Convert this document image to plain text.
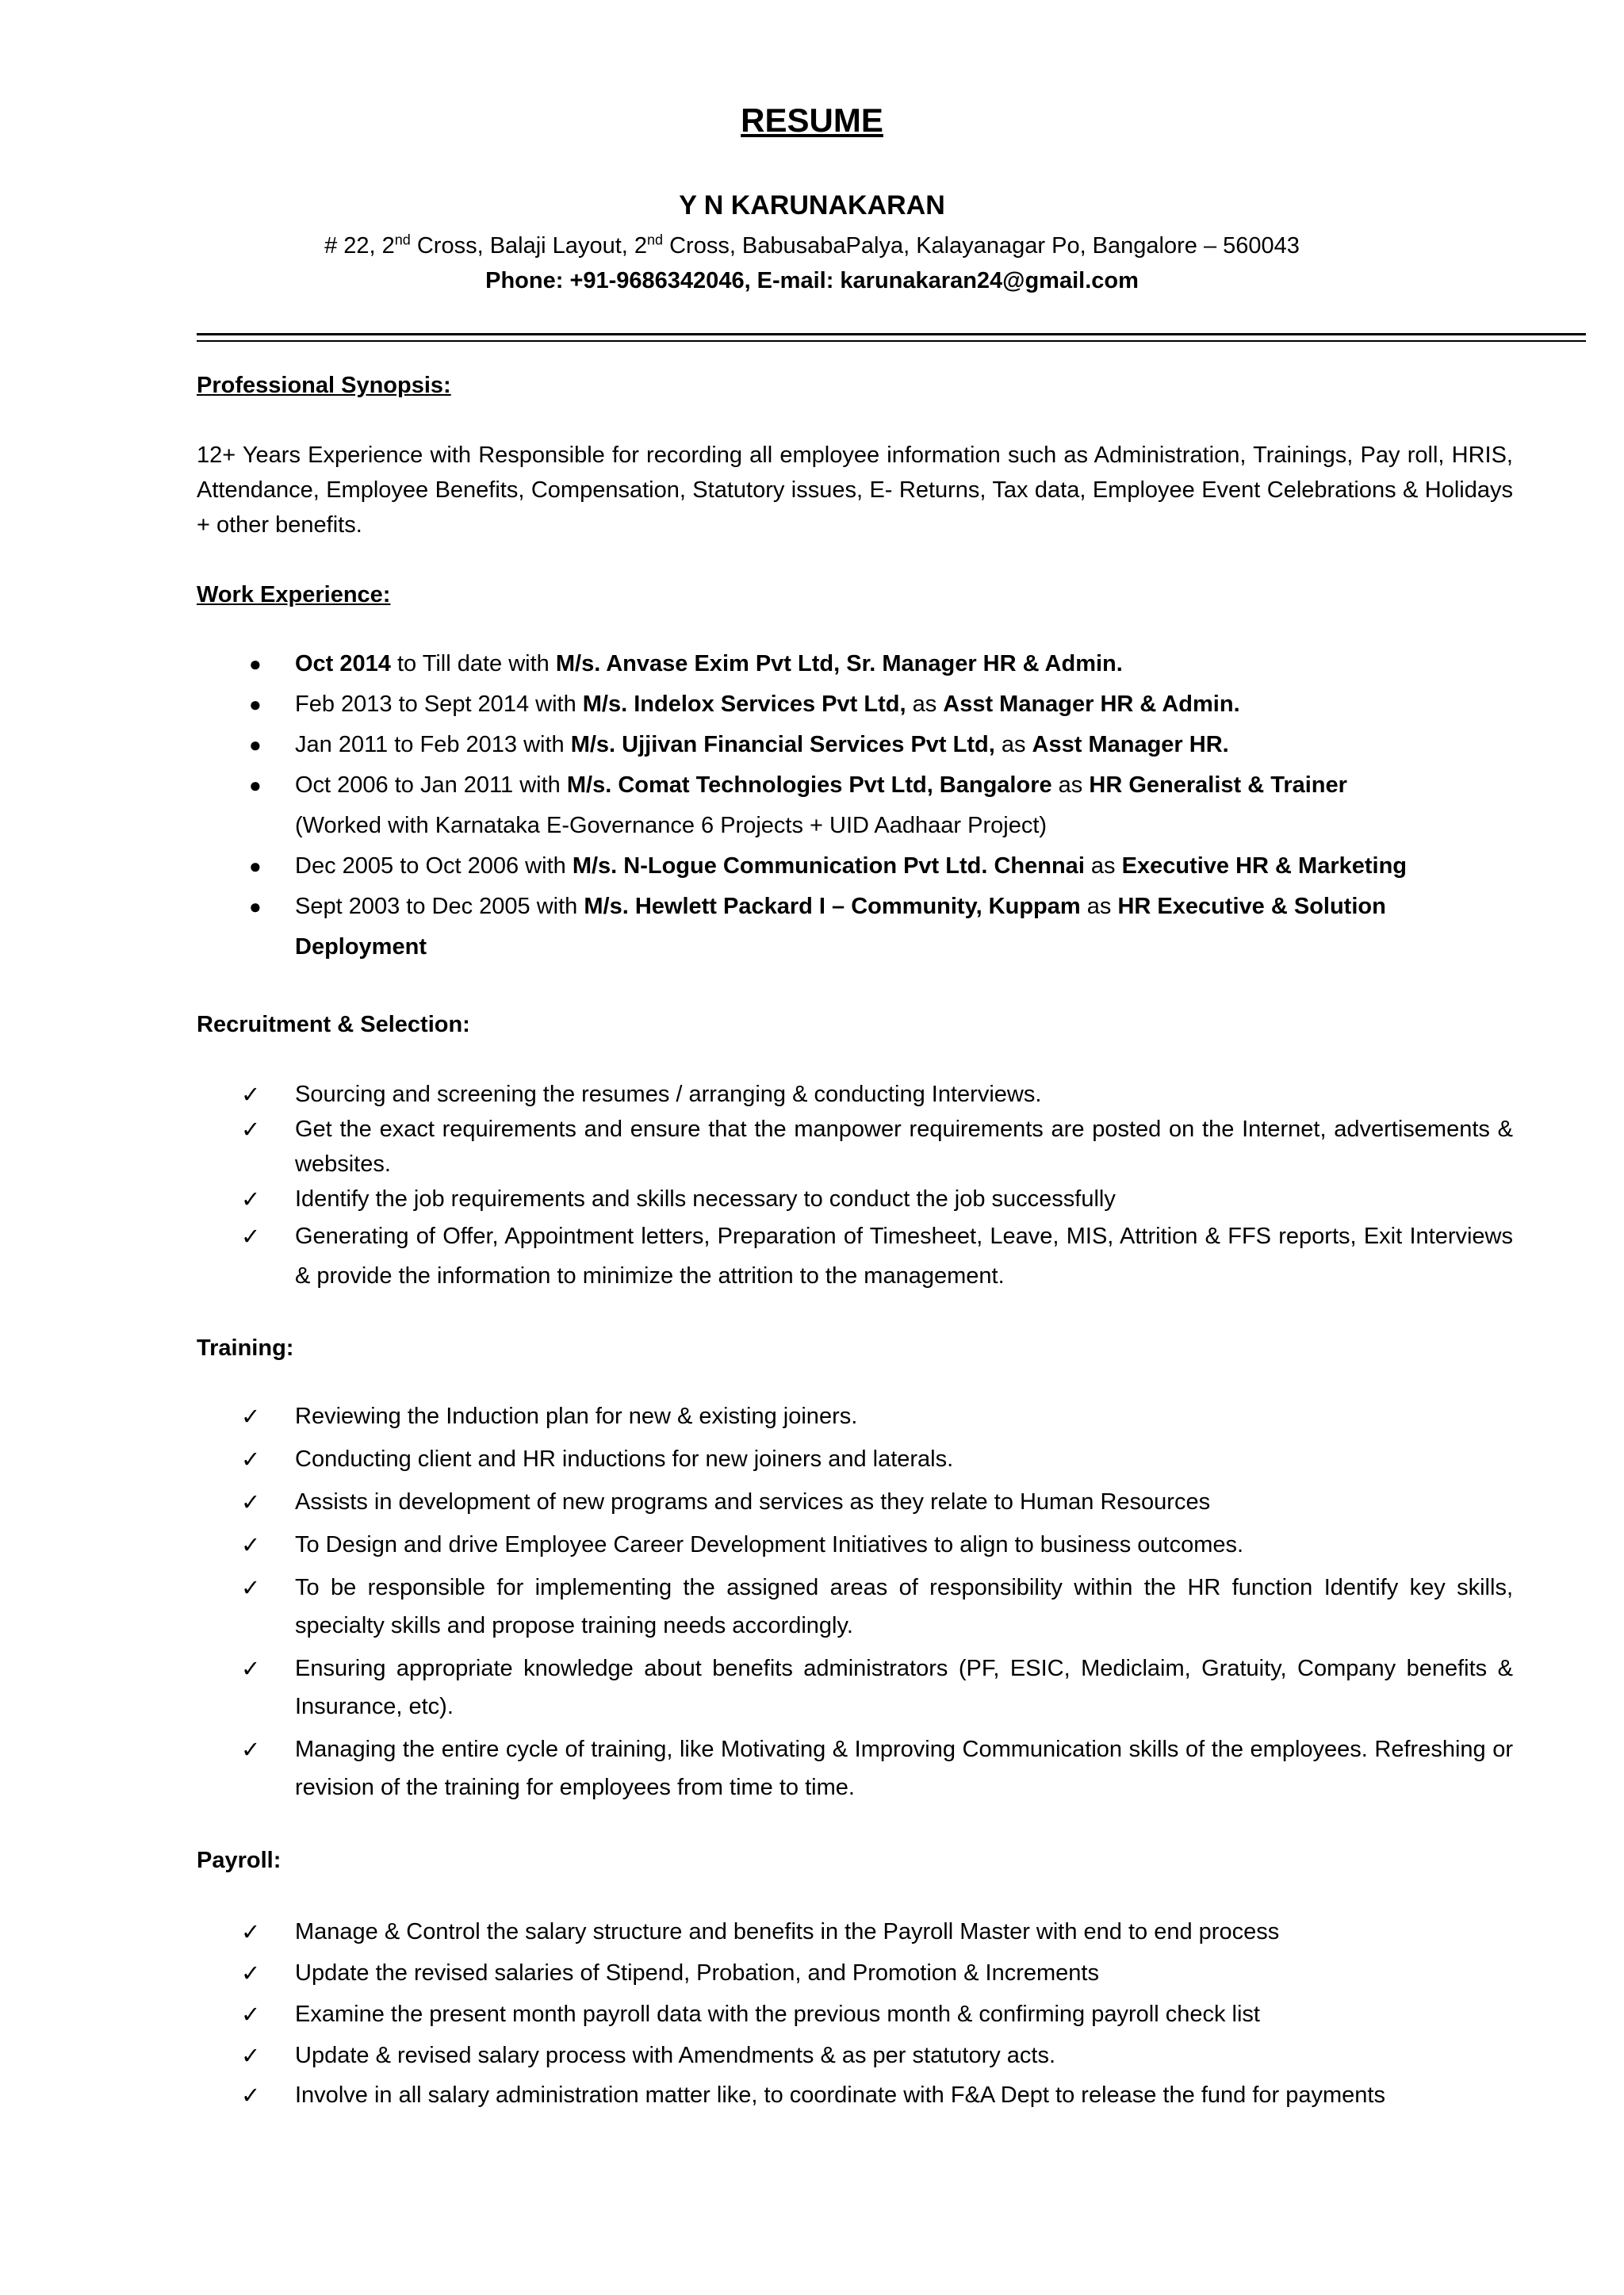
RESUME
Y N KARUNAKARAN
# 22, 2nd Cross, Balaji Layout, 2nd Cross, BabusabaPalya, Kalayanagar Po, Bangalore – 560043
Phone: +91-9686342046, E-mail: karunakaran24@gmail.com

Professional Synopsis:

12+ Years Experience with Responsible for recording all employee information such as Administration, Trainings, Pay roll, HRIS, Attendance, Employee Benefits, Compensation, Statutory issues, E- Returns, Tax data, Employee Event Celebrations & Holidays + other benefits.

Work Experience:

● Oct 2014 to Till date with M/s. Anvase Exim Pvt Ltd, Sr. Manager HR & Admin.
● Feb 2013 to Sept 2014 with M/s. Indelox Services Pvt Ltd, as Asst Manager HR & Admin.
● Jan 2011 to Feb 2013 with M/s. Ujjivan Financial Services Pvt Ltd, as Asst Manager HR.
● Oct 2006 to Jan 2011 with M/s. Comat Technologies Pvt Ltd, Bangalore as HR Generalist & Trainer
(Worked with Karnataka E-Governance 6 Projects + UID Aadhaar Project)
● Dec 2005 to Oct 2006 with M/s. N-Logue Communication Pvt Ltd. Chennai as Executive HR & Marketing
● Sept 2003 to Dec 2005 with M/s. Hewlett Packard I – Community, Kuppam as HR Executive & Solution Deployment

Recruitment & Selection:

✓ Sourcing and screening the resumes / arranging & conducting Interviews.
✓ Get the exact requirements and ensure that the manpower requirements are posted on the Internet, advertisements & websites.
✓ Identify the job requirements and skills necessary to conduct the job successfully
✓ Generating of Offer, Appointment letters, Preparation of Timesheet, Leave, MIS, Attrition & FFS reports, Exit Interviews & provide the information to minimize the attrition to the management.

Training:

✓ Reviewing the Induction plan for new & existing joiners.
✓ Conducting client and HR inductions for new joiners and laterals.
✓ Assists in development of new programs and services as they relate to Human Resources
✓ To Design and drive Employee Career Development Initiatives to align to business outcomes.
✓ To be responsible for implementing the assigned areas of responsibility within the HR function Identify key skills, specialty skills and propose training needs accordingly.
✓ Ensuring appropriate knowledge about benefits administrators (PF, ESIC, Mediclaim, Gratuity, Company benefits & Insurance, etc).
✓ Managing the entire cycle of training, like Motivating & Improving Communication skills of the employees. Refreshing or revision of the training for employees from time to time.

Payroll:

✓ Manage & Control the salary structure and benefits in the Payroll Master with end to end process
✓ Update the revised salaries of Stipend, Probation, and Promotion & Increments
✓ Examine the present month payroll data with the previous month & confirming payroll check list
✓ Update & revised salary process with Amendments & as per statutory acts.
✓ Involve in all salary administration matter like, to coordinate with F&A Dept to release the fund for payments
